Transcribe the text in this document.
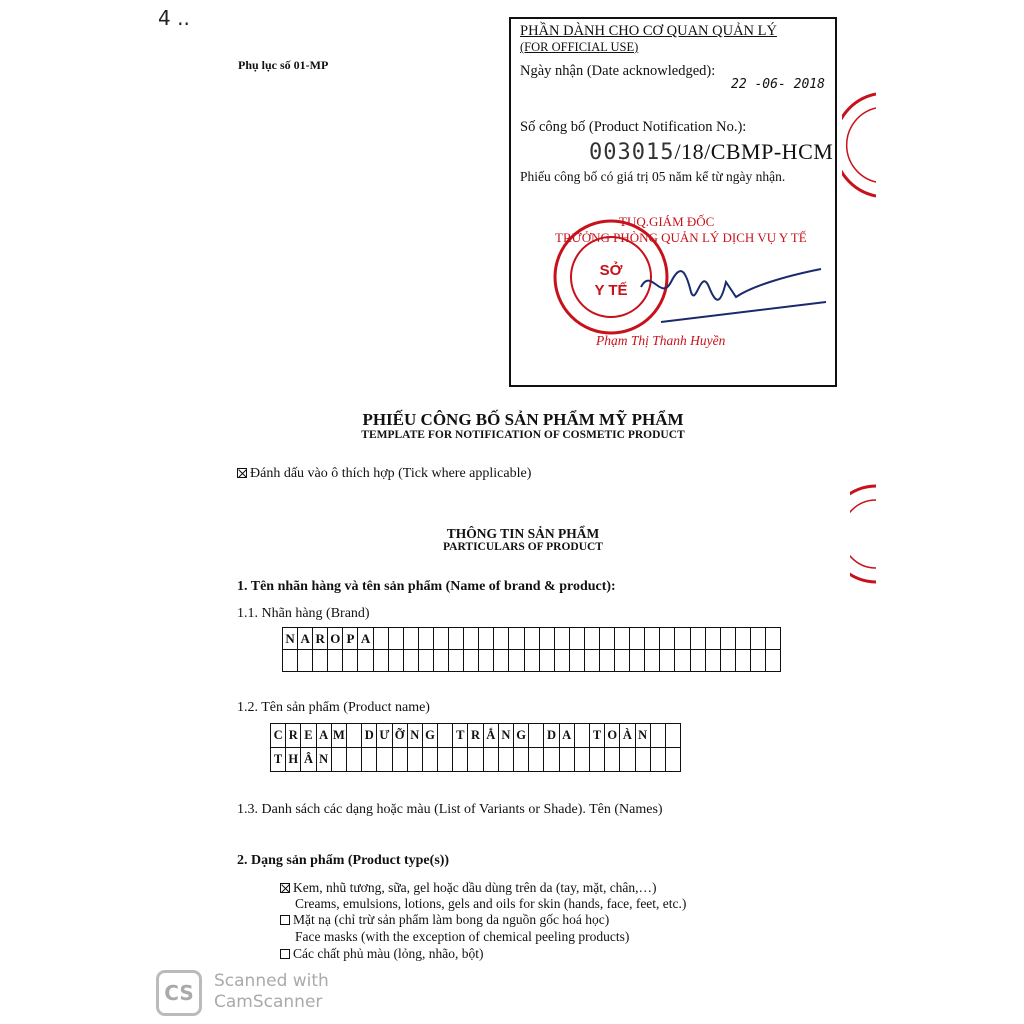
4 ..
Phụ lục số 01-MP
PHẦN DÀNH CHO CƠ QUAN QUẢN LÝ
(FOR OFFICIAL USE)
Ngày nhận (Date acknowledged):
22 -06- 2018
Số công bố (Product Notification No.):
003015/18/CBMP-HCM
Phiếu công bố có giá trị 05 năm kể từ ngày nhận.
SỞ
Y TẾ
TUQ.GIÁM ĐỐC
TRƯỞNG PHÒNG QUẢN LÝ DỊCH VỤ Y TẾ
Phạm Thị Thanh Huyền
PHIẾU CÔNG BỐ SẢN PHẨM MỸ PHẨM
TEMPLATE FOR NOTIFICATION OF COSMETIC PRODUCT
Đánh dấu vào ô thích hợp (Tick where applicable)
THÔNG TIN SẢN PHẨM
PARTICULARS OF PRODUCT
1. Tên nhãn hàng và tên sản phẩm (Name of brand & product):
1.1. Nhãn hàng (Brand)
N	A	R	O	P	A																											

1.2. Tên sản phẩm (Product name)
C	R	E	A	M		D	Ư	Ỡ	N	G		T	R	Ắ	N	G		D	A		T	O	À	N		
T	H	Â	N																							
1.3. Danh sách các dạng hoặc màu (List of Variants or Shade). Tên (Names)
2. Dạng sản phẩm (Product type(s))
Kem, nhũ tương, sữa, gel hoặc dầu dùng trên da (tay, mặt, chân,…)
Creams, emulsions, lotions, gels and oils for skin (hands, face, feet, etc.)
Mặt nạ (chỉ trừ sản phẩm làm bong da nguồn gốc hoá học)
Face masks (with the exception of chemical peeling products)
Các chất phủ màu (lỏng, nhão, bột)
CS	Scanned with
CamScanner
